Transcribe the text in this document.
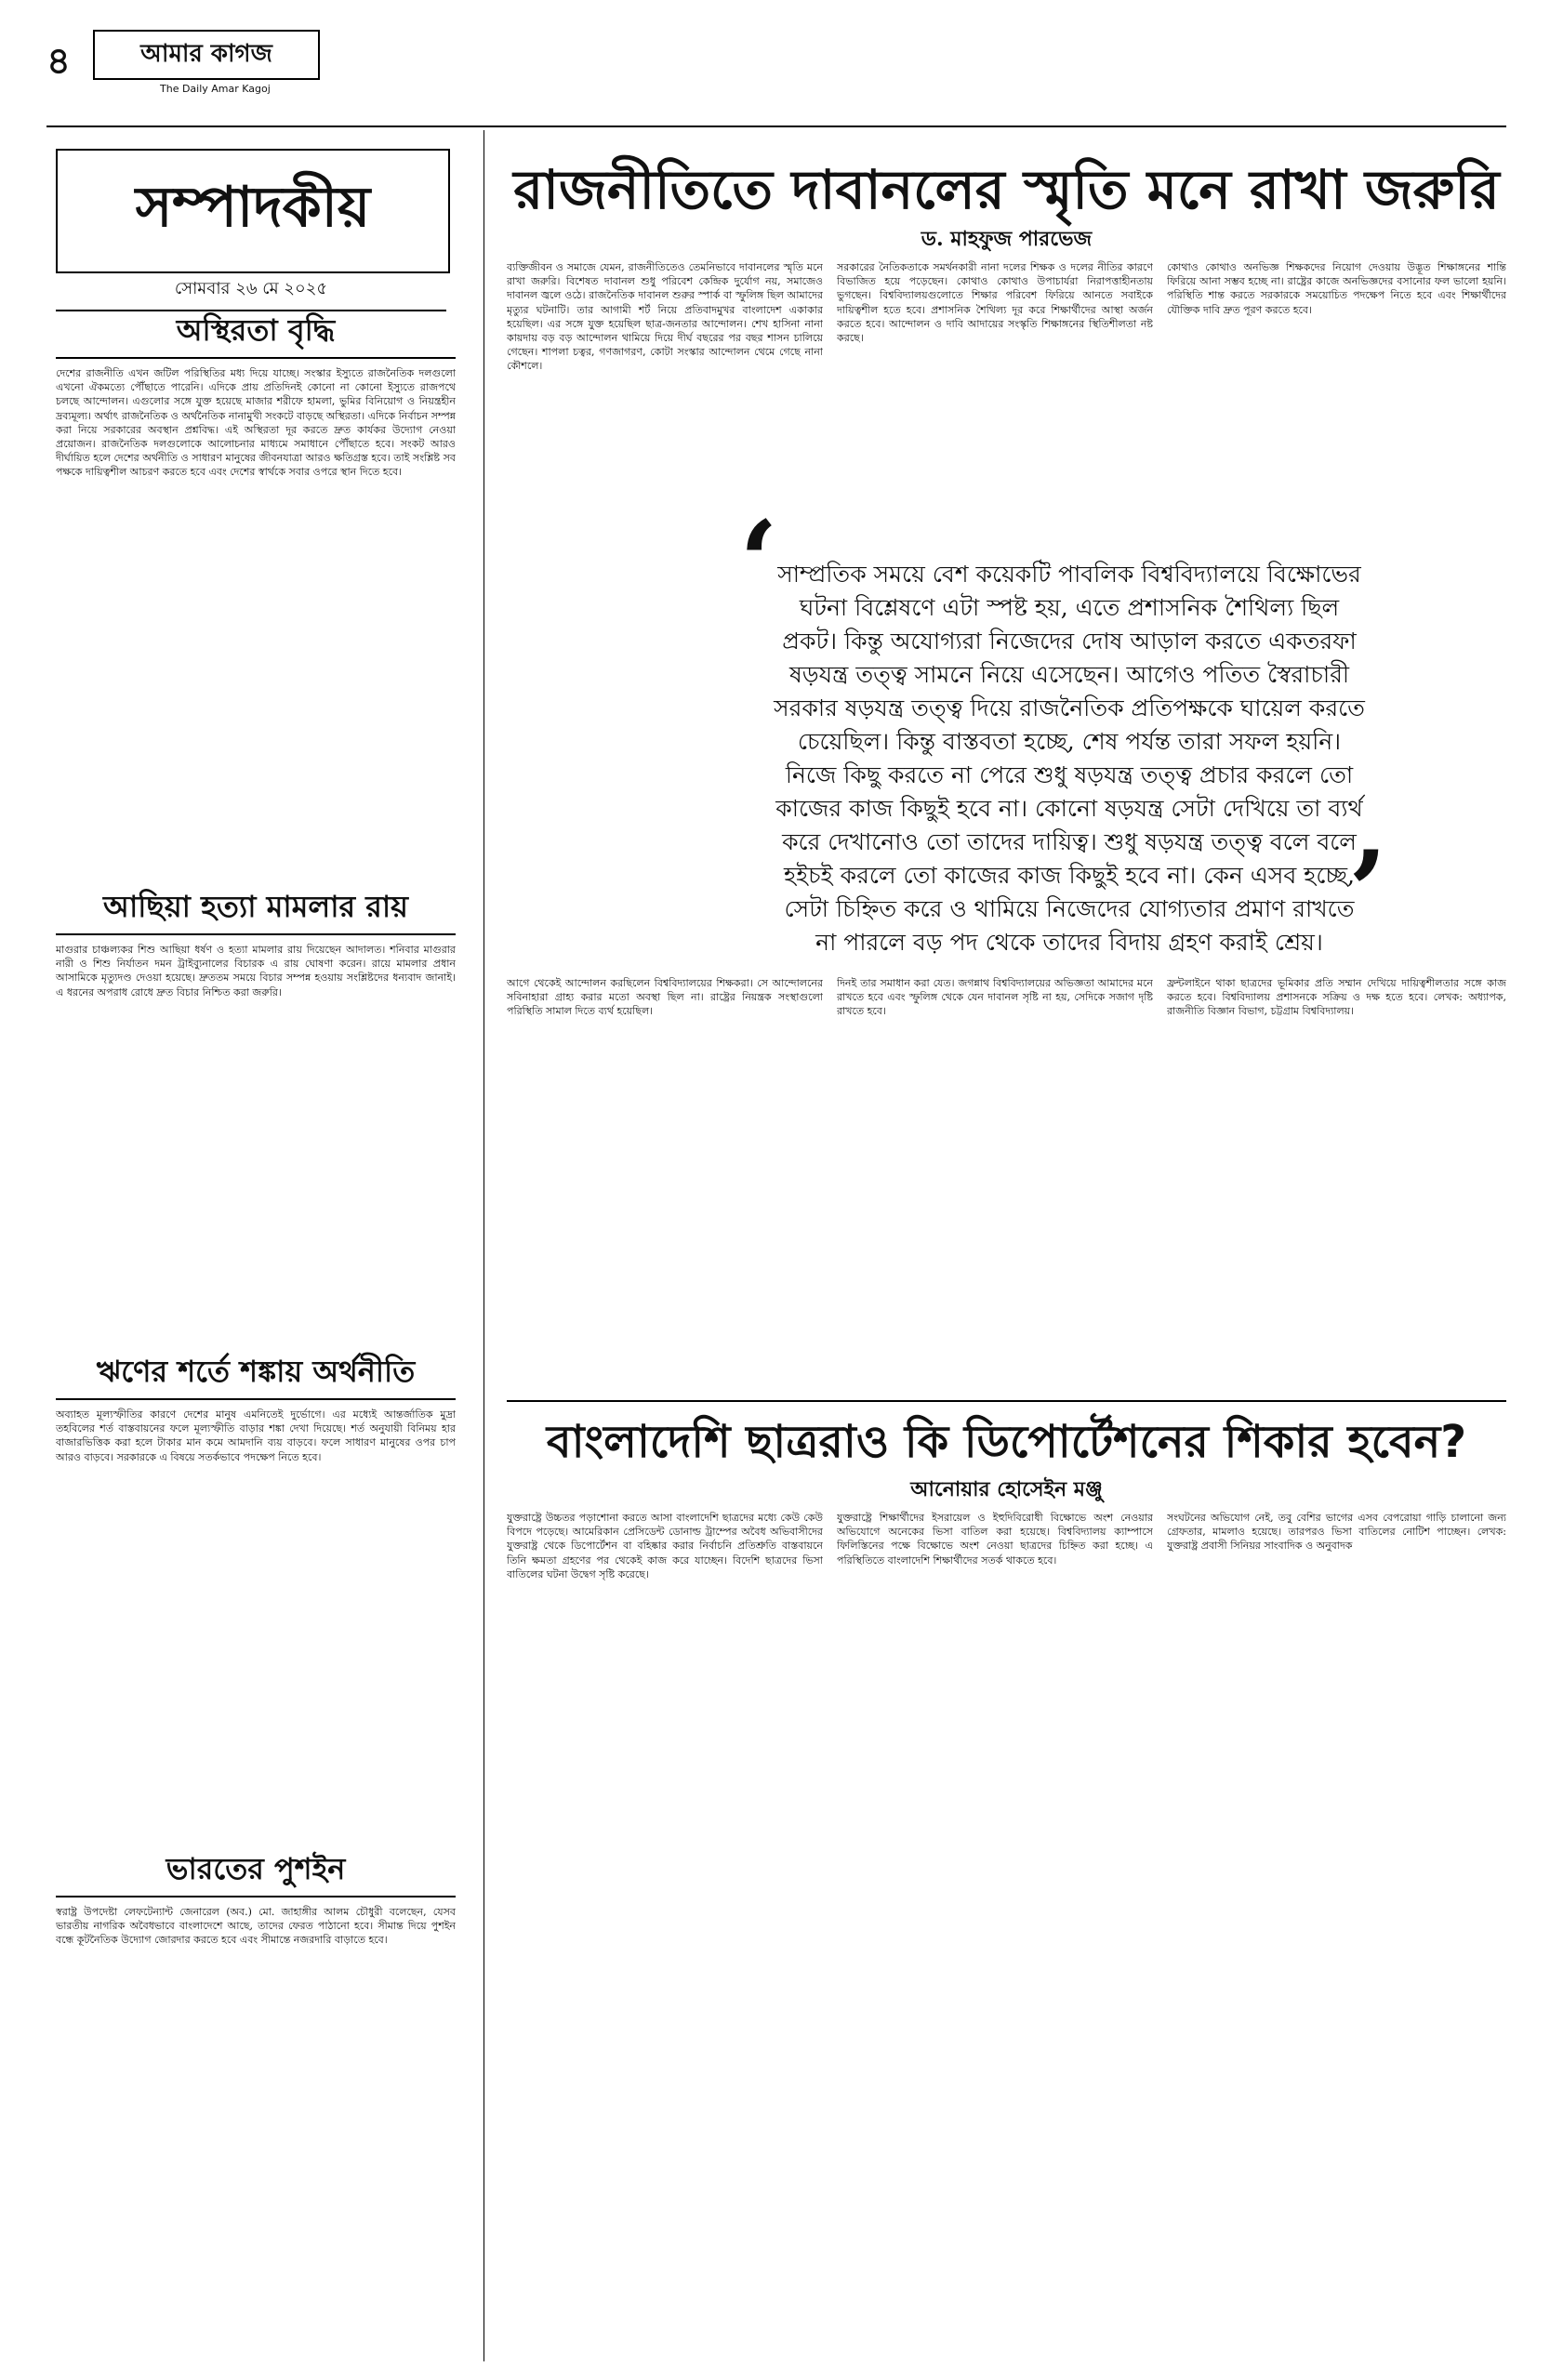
৪	আমার কাগজ
The Daily Amar Kagoj
সম্পাদকীয়
সোমবার ২৬ মে ২০২৫
অস্থিরতা বৃদ্ধি
দেশের রাজনীতি এখন জটিল পরিস্থিতির মধ্য দিয়ে যাচ্ছে। সংস্কার ইস্যুতে রাজনৈতিক দলগুলো এখনো ঐকমত্যে পৌঁছাতে পারেনি। এদিকে প্রায় প্রতিদিনই কোনো না কোনো ইস্যুতে রাজপথে চলছে আন্দোলন। এগুলোর সঙ্গে যুক্ত হয়েছে মাজার শরীফে হামলা, ভুমির বিনিয়োগ ও নিয়ন্ত্রহীন দ্রব্যমূল্য। অর্থাৎ রাজনৈতিক ও অর্থনৈতিক নানামুখী সংকটে বাড়ছে অস্থিরতা। এদিকে নির্বাচন সম্পন্ন করা নিয়ে সরকারের অবস্থান প্রশ্নবিদ্ধ। এই অস্থিরতা দূর করতে দ্রুত কার্যকর উদ্যোগ নেওয়া প্রয়োজন। রাজনৈতিক দলগুলোকে আলোচনার মাধ্যমে সমাধানে পৌঁছাতে হবে। সংকট আরও দীর্ঘায়িত হলে দেশের অর্থনীতি ও সাধারণ মানুষের জীবনযাত্রা আরও ক্ষতিগ্রস্ত হবে। তাই সংশ্লিষ্ট সব পক্ষকে দায়িত্বশীল আচরণ করতে হবে এবং দেশের স্বার্থকে সবার ওপরে স্থান দিতে হবে।
আছিয়া হত্যা মামলার রায়
মাগুরার চাঞ্চল্যকর শিশু আছিয়া ধর্ষণ ও হত্যা মামলার রায় দিয়েছেন আদালত। শনিবার মাগুরার নারী ও শিশু নির্যাতন দমন ট্রাইব্যুনালের বিচারক এ রায় ঘোষণা করেন। রায়ে মামলার প্রধান আসামিকে মৃত্যুদণ্ড দেওয়া হয়েছে। দ্রুততম সময়ে বিচার সম্পন্ন হওয়ায় সংশ্লিষ্টদের ধন্যবাদ জানাই। এ ধরনের অপরাধ রোধে দ্রুত বিচার নিশ্চিত করা জরুরি।
ঋণের শর্তে শঙ্কায় অর্থনীতি
অব্যাহত মূল্যস্ফীতির কারণে দেশের মানুষ এমনিতেই দুর্ভোগে। এর মধ্যেই আন্তর্জাতিক মুদ্রা তহবিলের শর্ত বাস্তবায়নের ফলে মূল্যস্ফীতি বাড়ার শঙ্কা দেখা দিয়েছে। শর্ত অনুযায়ী বিনিময় হার বাজারভিত্তিক করা হলে টাকার মান কমে আমদানি ব্যয় বাড়বে। ফলে সাধারণ মানুষের ওপর চাপ আরও বাড়বে। সরকারকে এ বিষয়ে সতর্কভাবে পদক্ষেপ নিতে হবে।
ভারতের পুশইন
স্বরাষ্ট্র উপদেষ্টা লেফটেন্যান্ট জেনারেল (অব.) মো. জাহাঙ্গীর আলম চৌধুরী বলেছেন, যেসব ভারতীয় নাগরিক অবৈধভাবে বাংলাদেশে আছে, তাদের ফেরত পাঠানো হবে। সীমান্ত দিয়ে পুশইন বন্ধে কূটনৈতিক উদ্যোগ জোরদার করতে হবে এবং সীমান্তে নজরদারি বাড়াতে হবে।
রাজনীতিতে দাবানলের স্মৃতি মনে রাখা জরুরি
ড. মাহফুজ পারভেজ
ব্যক্তিজীবন ও সমাজে যেমন, রাজনীতিতেও তেমনিভাবে দাবানলের স্মৃতি মনে রাখা জরুরি। বিশেষত দাবানল শুধু পরিবেশ কেন্দ্রিক দুর্যোগ নয়, সমাজেও দাবানল জ্বলে ওঠে। রাজনৈতিক দাবানল শুরুর স্পার্ক বা স্ফুলিঙ্গ ছিল আমাদের মৃত্যুর ঘটনাটি। তার আগামী শর্ট নিয়ে প্রতিবাদমুখর বাংলাদেশ একাকার হয়েছিল। এর সঙ্গে যুক্ত হয়েছিল ছাত্র-জনতার আন্দোলন। শেখ হাসিনা নানা কায়দায় বড় বড় আন্দোলন থামিয়ে দিয়ে দীর্ঘ বছরের পর বছর শাসন চালিয়ে গেছেন। শাপলা চত্বর, গণজাগরণ, কোটা সংস্কার আন্দোলন থেমে গেছে নানা কৌশলে।
সরকারের নৈতিকতাকে সমর্থনকারী নানা দলের শিক্ষক ও দলের নীতির কারণে বিভাজিত হয়ে পড়েছেন। কোথাও কোথাও উপাচার্যরা নিরাপত্তাহীনতায় ভুগছেন। বিশ্ববিদ্যালয়গুলোতে শিক্ষার পরিবেশ ফিরিয়ে আনতে সবাইকে দায়িত্বশীল হতে হবে। প্রশাসনিক শৈথিল্য দূর করে শিক্ষার্থীদের আস্থা অর্জন করতে হবে। আন্দোলন ও দাবি আদায়ের সংস্কৃতি শিক্ষাঙ্গনের স্থিতিশীলতা নষ্ট করছে।
কোথাও কোথাও অনভিজ্ঞ শিক্ষকদের নিয়োগ দেওয়ায় উদ্ভূত শিক্ষাঙ্গনের শান্তি ফিরিয়ে আনা সম্ভব হচ্ছে না। রাষ্ট্রের কাজে অনভিজ্ঞদের বসানোর ফল ভালো হয়নি। পরিস্থিতি শান্ত করতে সরকারকে সময়োচিত পদক্ষেপ নিতে হবে এবং শিক্ষার্থীদের যৌক্তিক দাবি দ্রুত পূরণ করতে হবে।
‘
’
সাম্প্রতিক সময়ে বেশ কয়েকটি পাবলিক বিশ্ববিদ্যালয়ে বিক্ষোভের ঘটনা বিশ্লেষণে এটা স্পষ্ট হয়, এতে প্রশাসনিক শৈথিল্য ছিল প্রকট। কিন্তু অযোগ্যরা নিজেদের দোষ আড়াল করতে একতরফা ষড়যন্ত্র তত্ত্ব সামনে নিয়ে এসেছেন। আগেও পতিত স্বৈরাচারী সরকার ষড়যন্ত্র তত্ত্ব দিয়ে রাজনৈতিক প্রতিপক্ষকে ঘায়েল করতে চেয়েছিল। কিন্তু বাস্তবতা হচ্ছে, শেষ পর্যন্ত তারা সফল হয়নি। নিজে কিছু করতে না পেরে শুধু ষড়যন্ত্র তত্ত্ব প্রচার করলে তো কাজের কাজ কিছুই হবে না। কোনো ষড়যন্ত্র সেটা দেখিয়ে তা ব্যর্থ করে দেখানোও তো তাদের দায়িত্ব। শুধু ষড়যন্ত্র তত্ত্ব বলে বলে হইচই করলে তো কাজের কাজ কিছুই হবে না। কেন এসব হচ্ছে, সেটা চিহ্নিত করে ও থামিয়ে নিজেদের যোগ্যতার প্রমাণ রাখতে না পারলে বড় পদ থেকে তাদের বিদায় গ্রহণ করাই শ্রেয়।
আগে থেকেই আন্দোলন করছিলেন বিশ্ববিদ্যালয়ের শিক্ষকরা। সে আন্দোলনের সবিনাহারা গ্রাহ্য করার মতো অবস্থা ছিল না। রাষ্ট্রের নিয়ন্ত্রক সংস্থাগুলো পরিস্থিতি সামাল দিতে ব্যর্থ হয়েছিল।
দিনই তার সমাধান করা যেত। জগন্নাথ বিশ্ববিদ্যালয়ের অভিজ্ঞতা আমাদের মনে রাখতে হবে এবং স্ফুলিঙ্গ থেকে যেন দাবানল সৃষ্টি না হয়, সেদিকে সজাগ দৃষ্টি রাখতে হবে।
ফ্রন্টলাইনে থাকা ছাত্রদের ভূমিকার প্রতি সম্মান দেখিয়ে দায়িত্বশীলতার সঙ্গে কাজ করতে হবে। বিশ্ববিদ্যালয় প্রশাসনকে সক্রিয় ও দক্ষ হতে হবে। লেখক: অধ্যাপক, রাজনীতি বিজ্ঞান বিভাগ, চট্টগ্রাম বিশ্ববিদ্যালয়।
বাংলাদেশি ছাত্ররাও কি ডিপোর্টেশনের শিকার হবেন?
আনোয়ার হোসেইন মঞ্জু
যুক্তরাষ্ট্রে উচ্চতর পড়াশোনা করতে আসা বাংলাদেশি ছাত্রদের মধ্যে কেউ কেউ বিপদে পড়েছে। আমেরিকান প্রেসিডেন্ট ডোনাল্ড ট্রাম্পের অবৈধ অভিবাসীদের যুক্তরাষ্ট্র থেকে ডিপোর্টেশন বা বহিষ্কার করার নির্বাচনি প্রতিশ্রুতি বাস্তবায়নে তিনি ক্ষমতা গ্রহণের পর থেকেই কাজ করে যাচ্ছেন। বিদেশি ছাত্রদের ভিসা বাতিলের ঘটনা উদ্বেগ সৃষ্টি করেছে।
যুক্তরাষ্ট্রে শিক্ষার্থীদের ইসরায়েল ও ইহুদিবিরোধী বিক্ষোভে অংশ নেওয়ার অভিযোগে অনেকের ভিসা বাতিল করা হয়েছে। বিশ্ববিদ্যালয় ক্যাম্পাসে ফিলিস্তিনের পক্ষে বিক্ষোভে অংশ নেওয়া ছাত্রদের চিহ্নিত করা হচ্ছে। এ পরিস্থিতিতে বাংলাদেশি শিক্ষার্থীদের সতর্ক থাকতে হবে।
সংঘটনের অভিযোগ নেই, তবু বেশির ভাগের এসব বেপরোয়া গাড়ি চালানো জন্য গ্রেফতার, মামলাও হয়েছে। তারপরও ভিসা বাতিলের নোটিশ পাচ্ছেন। লেখক: যুক্তরাষ্ট্র প্রবাসী সিনিয়র সাংবাদিক ও অনুবাদক
